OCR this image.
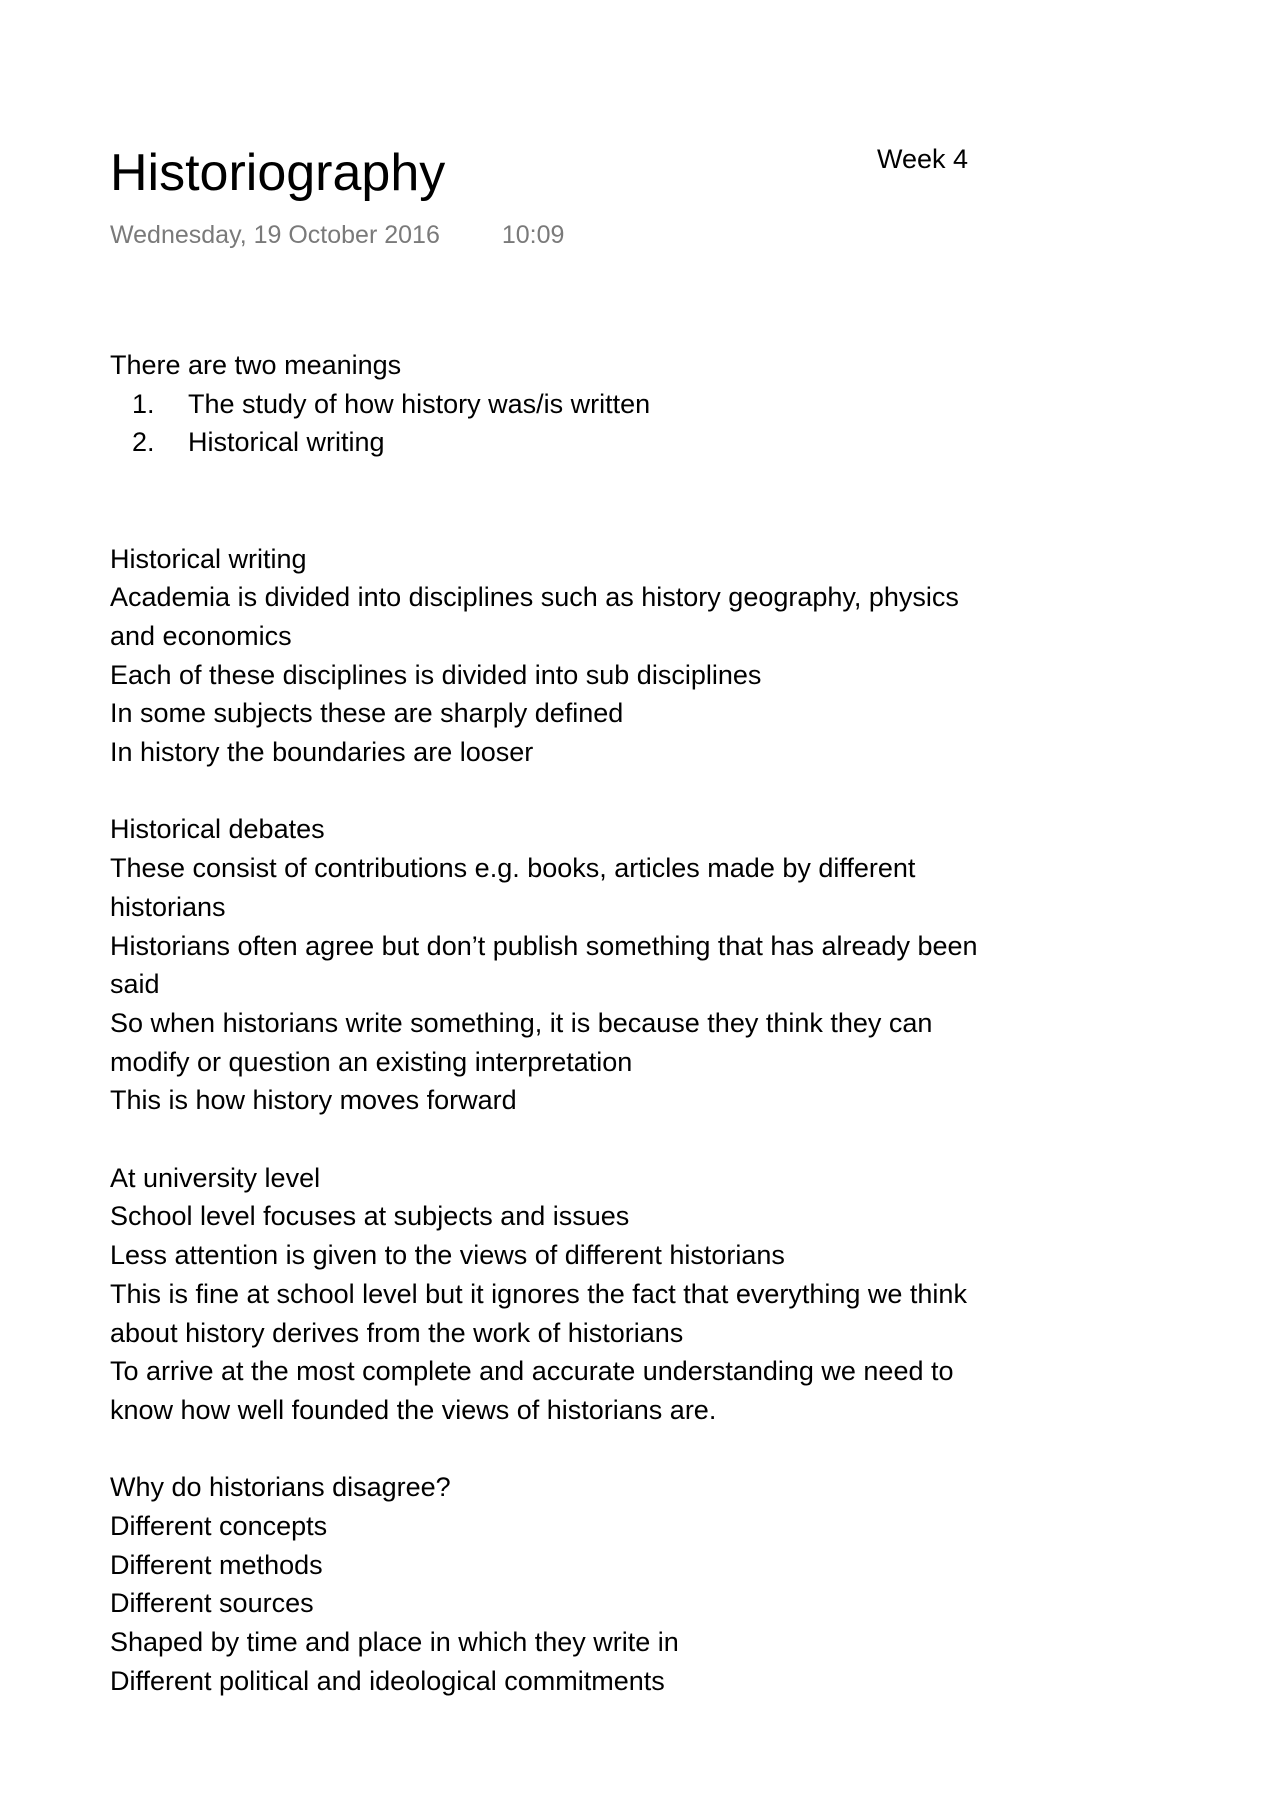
Week 4
Historiography
Wednesday, 19 October 2016 10:09
There are two meanings
1. The study of how history was/is written
2. Historical writing
Historical writing
Academia is divided into disciplines such as history geography, physics
and economics
Each of these disciplines is divided into sub disciplines
In some subjects these are sharply defined
In history the boundaries are looser
Historical debates
These consist of contributions e.g. books, articles made by different
historians
Historians often agree but don’t publish something that has already been
said
So when historians write something, it is because they think they can
modify or question an existing interpretation
This is how history moves forward
At university level
School level focuses at subjects and issues
Less attention is given to the views of different historians
This is fine at school level but it ignores the fact that everything we think
about history derives from the work of historians
To arrive at the most complete and accurate understanding we need to
know how well founded the views of historians are.
Why do historians disagree?
Different concepts
Different methods
Different sources
Shaped by time and place in which they write in
Different political and ideological commitments
